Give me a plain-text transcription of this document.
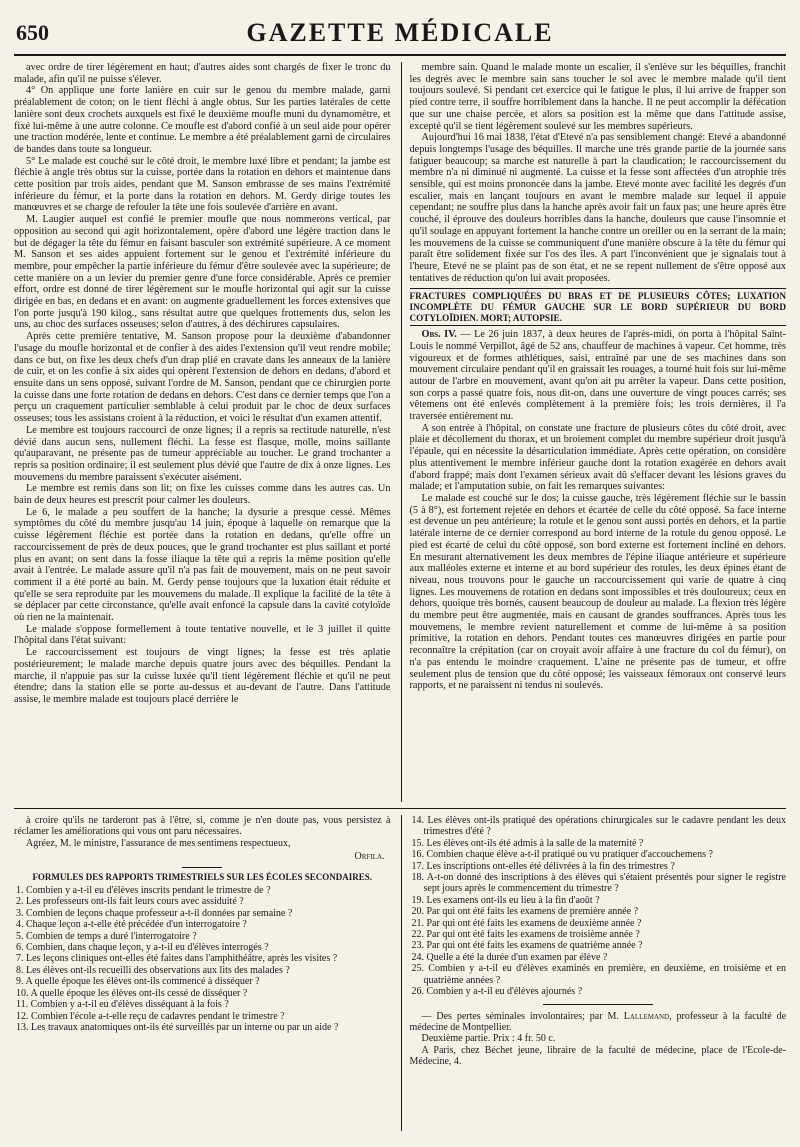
650	GAZETTE MÉDICALE

avec ordre de tirer légèrement en haut; d'autres aides sont chargés de fixer le tronc du malade, afin qu'il ne puisse s'élever.

4° On applique une forte lanière en cuir sur le genou du membre malade, garni préalablement de coton; on le tient fléchi à angle obtus. Sur les parties latérales de cette lanière sont deux crochets auxquels est fixé le deuxième moufle muni du dynamomètre, et fixé lui-même à une autre colonne. Ce moufle est d'abord confié à un seul aide pour opérer une traction modérée, lente et continue. Le membre a été préalablement garni de circulaires de bandes dans toute sa longueur.

5° Le malade est couché sur le côté droit, le membre luxé libre et pendant; la jambe est fléchie à angle très obtus sur la cuisse, portée dans la rotation en dehors et maintenue dans cette position par trois aides, pendant que M. Sanson embrasse de ses mains l'extrémité inférieure du fémur, et la porte dans la rotation en dehors. M. Gerdy dirige toutes les manœuvres et se charge de refouler la tête une fois soulevée d'arrière en avant.

M. Laugier auquel est confié le premier moufle que nous nommerons vertical, par opposition au second qui agit horizontalement, opère d'abord une légère traction dans le but de dégager la tête du fémur en faisant basculer son extrémité supérieure. A ce moment M. Sanson et ses aides appuient fortement sur le genou et l'extrémité inférieure du membre, pour empêcher la partie inférieure du fémur d'être soulevée avec la supérieure; de cette manière on a un levier du premier genre d'une force considérable. Après ce premier effort, ordre est donné de tirer légèrement sur le moufle horizontal qui agit sur la cuisse dirigée en bas, en dedans et en avant: on augmente graduellement les forces extensives que l'on porte jusqu'à 190 kilog., sans résultat autre que quelques frottements dus, selon les uns, au choc des surfaces osseuses; selon d'autres, à des déchirures capsulaires.

Après cette première tentative, M. Sanson propose pour la deuxième d'abandonner l'usage du moufle horizontal et de confier à des aides l'extension qu'il veut rendre mobile; dans ce but, on fixe les deux chefs d'un drap plié en cravate dans les anneaux de la lanière de cuir, et on les confie à six aides qui opèrent l'extension de dehors en dedans, d'abord et ensuite dans un sens opposé, suivant l'ordre de M. Sanson, pendant que ce chirurgien porte la cuisse dans une forte rotation de dedans en dehors. C'est dans ce dernier temps que l'on a perçu un craquement particulier semblable à celui produit par le choc de deux surfaces osseuses; tous les assistans croient à la réduction, et voici le résultat d'un examen attentif.

Le membre est toujours raccourci de onze lignes; il a repris sa rectitude naturelle, n'est dévié dans aucun sens, nullement fléchi. La fesse est flasque, molle, moins saillante qu'auparavant, ne présente pas de tumeur appréciable au toucher. Le grand trochanter a repris sa position ordinaire; il est seulement plus dévié que l'autre de dix à onze lignes. Les mouvemens du membre paraissent s'exécuter aisément.

Le membre est remis dans son lit; on fixe les cuisses comme dans les autres cas. Un bain de deux heures est prescrit pour calmer les douleurs.

Le 6, le malade a peu souffert de la hanche; la dysurie a presque cessé. Mêmes symptômes du côté du membre jusqu'au 14 juin, époque à laquelle on remarque que la cuisse légèrement fléchie est portée dans la rotation en dedans, qu'elle offre un raccourcissement de près de deux pouces, que le grand trochanter est plus saillant et porté plus en avant; on sent dans la fosse iliaque la tête qui a repris la même position qu'elle avait à l'entrée. Le malade assure qu'il n'a pas fait de mouvement, mais on ne peut savoir comment il a été porté au bain. M. Gerdy pense toujours que la luxation était réduite et qu'elle se sera reproduite par les mouvemens du malade. Il explique la facilité de la tête à se déplacer par cette circonstance, qu'elle avait enfoncé la capsule dans la cavité cotyloïde où rien ne la maintenait.

Le malade s'oppose formellement à toute tentative nouvelle, et le 3 juillet il quitte l'hôpital dans l'état suivant:

Le raccourcissement est toujours de vingt lignes; la fesse est très aplatie postérieurement; le malade marche depuis quatre jours avec des béquilles. Pendant la marche, il n'appuie pas sur la cuisse luxée qu'il tient légèrement fléchie et qu'il ne peut étendre; dans la station elle se porte au-dessus et au-devant de l'autre. Dans l'attitude assise, le membre malade est toujours placé derrière le

membre sain. Quand le malade monte un escalier, il s'enlève sur les béquilles, franchit les degrés avec le membre sain sans toucher le sol avec le membre malade qu'il tient toujours soulevé. Si pendant cet exercice qui le fatigue le plus, il lui arrive de frapper son pied contre terre, il souffre horriblement dans la hanche. Il ne peut accomplir la défécation que sur une chaise percée, et alors sa position est la même que dans l'attitude assise, excepté qu'il se tient légèrement soulevé sur les membres supérieurs.

Aujourd'hui 16 mai 1838, l'état d'Etevé n'a pas sensiblement changé: Etevé a abandonné depuis longtemps l'usage des béquilles. Il marche une très grande partie de la journée sans fatiguer beaucoup; sa marche est naturelle à part la claudication; le raccourcissement du membre n'a ni diminué ni augmenté. La cuisse et la fesse sont affectées d'un atrophie très sensible, qui est moins prononcée dans la jambe. Etevé monte avec facilité les degrés d'un escalier, mais en lançant toujours en avant le membre malade sur lequel il appuie cependant; ne souffre plus dans la hanche après avoir fait un faux pas; une heure après être couché, il éprouve des douleurs horribles dans la hanche, douleurs que cause l'insomnie et qu'il soulage en appuyant fortement la hanche contre un oreiller ou en la serrant de la main; les mouvemens de la cuisse se communiquent d'une manière obscure à la tête du fémur qui paraît être solidement fixée sur l'os des îles. A part l'inconvénient que je signalais tout à l'heure, Etevé ne se plaint pas de son état, et ne se repent nullement de s'être opposé aux tentatives de réduction qu'on lui avait proposées.

FRACTURES COMPLIQUÉES DU BRAS ET DE PLUSIEURS CÔTES; LUXATION INCOMPLÈTE DU FÉMUR GAUCHE SUR LE BORD SUPÉRIEUR DU BORD COTYLOÏDIEN. MORT; AUTOPSIE.

Obs. IV. — Le 26 juin 1837, à deux heures de l'après-midi, on porta à l'hôpital Saint-Louis le nommé Verpillot, âgé de 52 ans, chauffeur de machines à vapeur. Cet homme, très vigoureux et de formes athlétiques, saisi, entraîné par une de ses machines dans son mouvement circulaire pendant qu'il en graissait les rouages, a tourné huit fois sur lui-même autour de l'arbre en mouvement, avant qu'on ait pu arrêter la vapeur. Dans cette position, son corps a passé quatre fois, nous dit-on, dans une ouverture de vingt pouces carrés; ses vêtemens ont été enlevés complètement à la première fois; les trois dernières, il l'a traversée entièrement nu.

A son entrée à l'hôpital, on constate une fracture de plusieurs côtes du côté droit, avec plaie et décollement du thorax, et un broiement complet du membre supérieur droit jusqu'à l'épaule, qui en nécessite la désarticulation immédiate. Après cette opération, on considère plus attentivement le membre inférieur gauche dont la rotation exagérée en dehors avait d'abord frappé; mais dont l'examen sérieux avait dû s'effacer devant les lésions graves du malade; et l'amputation subie, on fait les remarques suivantes:

Le malade est couché sur le dos; la cuisse gauche, très légèrement fléchie sur le bassin (5 à 8°), est fortement rejetée en dehors et écartée de celle du côté opposé. Sa face interne est devenue un peu antérieure; la rotule et le genou sont aussi portés en dehors, et la partie latérale interne de ce dernier correspond au bord interne de la rotule du genou opposé. Le pied est écarté de celui du côté opposé, son bord externe est fortement incliné en dehors. En mesurant alternativement les deux membres de l'épine iliaque antérieure et supérieure aux malléoles externe et interne et au bord supérieur des rotules, les deux épines étant de niveau, nous trouvons pour le gauche un raccourcissement qui varie de quatre à cinq lignes. Les mouvemens de rotation en dedans sont impossibles et très douloureux; ceux en dehors, quoique très bornés, causent beaucoup de douleur au malade. La flexion très légère du membre peut être augmentée, mais en causant de grandes souffrances. Après tous les mouvemens, le membre revient naturellement et comme de lui-même à sa position primitive, la rotation en dehors. Pendant toutes ces manœuvres dirigées en partie pour reconnaître la crépitation (car on croyait avoir affaire à une fracture du col du fémur), on n'a pas entendu le moindre craquement. L'aine ne présente pas de tumeur, et offre seulement plus de tension que du côté opposé; les vaisseaux fémoraux ont conservé leurs rapports, et ne paraissent ni tendus ni soulevés.

à croire qu'ils ne tarderont pas à l'être, si, comme je n'en doute pas, vous persistez à réclamer les améliorations qui vous ont paru nécessaires.

Agréez, M. le ministre, l'assurance de mes sentimens respectueux,

Orfila.
FORMULES DES RAPPORTS TRIMESTRIELS SUR LES ÉCOLES SECONDAIRES.

1. Combien y a-t-il eu d'élèves inscrits pendant le trimestre de ?

2. Les professeurs ont-ils fait leurs cours avec assiduité ?

3. Combien de leçons chaque professeur a-t-il données par semaine ?

4. Chaque leçon a-t-elle été précédée d'un interrogatoire ?

5. Combien de temps a duré l'interrogatoire ?

6. Combien, dans chaque leçon, y a-t-il eu d'élèves interrogés ?

7. Les leçons cliniques ont-elles été faites dans l'amphithéâtre, après les visites ?

8. Les élèves ont-ils recueilli des observations aux lits des malades ?

9. A quelle époque les élèves ont-ils commencé à disséquer ?

10. A quelle époque les élèves ont-ils cessé de disséquer ?

11. Combien y a-t-il eu d'élèves disséquant à la fois ?

12. Combien l'école a-t-elle reçu de cadavres pendant le trimestre ?

13. Les travaux anatomiques ont-ils été surveillés par un interne ou par un aide ?

14. Les élèves ont-ils pratiqué des opérations chirurgicales sur le cadavre pendant les deux trimestres d'été ?

15. Les élèves ont-ils été admis à la salle de la maternité ?

16. Combien chaque élève a-t-il pratiqué ou vu pratiquer d'accouchemens ?

17. Les inscriptions ont-elles été délivrées à la fin des trimestres ?

18. A-t-on donné des inscriptions à des élèves qui s'étaient présentés pour signer le registre sept jours après le commencement du trimestre ?

19. Les examens ont-ils eu lieu à la fin d'août ?

20. Par qui ont été faits les examens de première année ?

21. Par qui ont été faits les examens de deuxième année ?

22. Par qui ont été faits les examens de troisième année ?

23. Par qui ont été faits les examens de quatrième année ?

24. Quelle a été la durée d'un examen par élève ?

25. Combien y a-t-il eu d'élèves examinés en première, en deuxième, en troisième et en quatrième années ?

26. Combien y a-t-il eu d'élèves ajournés ?

— Des pertes séminales involontaires; par M. Lallemand, professeur à la faculté de médecine de Montpellier.

Deuxième partie. Prix : 4 fr. 50 c.

A Paris, chez Béchet jeune, libraire de la faculté de médecine, place de l'Ecole-de-Médecine, 4.
